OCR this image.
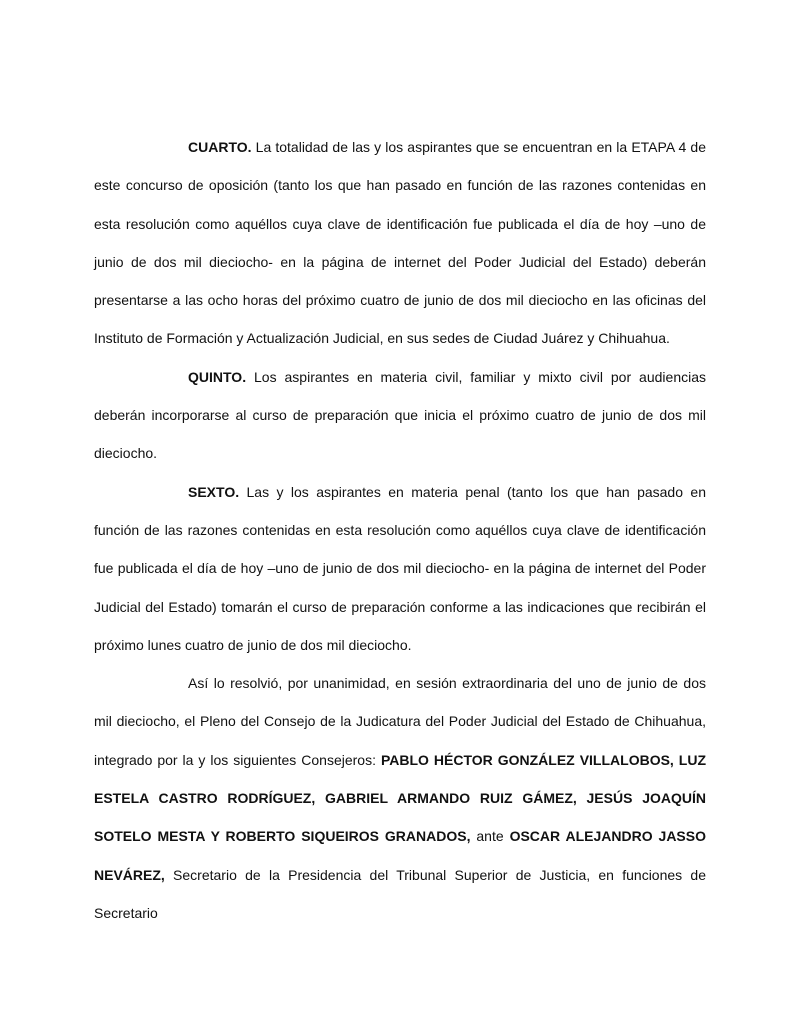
CUARTO. La totalidad de las y los aspirantes que se encuentran en la ETAPA 4 de este concurso de oposición (tanto los que han pasado en función de las razones contenidas en esta resolución como aquéllos cuya clave de identificación fue publicada el día de hoy –uno de junio de dos mil dieciocho- en la página de internet del Poder Judicial del Estado) deberán presentarse a las ocho horas del próximo cuatro de junio de dos mil dieciocho en las oficinas del Instituto de Formación y Actualización Judicial, en sus sedes de Ciudad Juárez y Chihuahua.

QUINTO. Los aspirantes en materia civil, familiar y mixto civil por audiencias deberán incorporarse al curso de preparación que inicia el próximo cuatro de junio de dos mil dieciocho.

SEXTO. Las y los aspirantes en materia penal (tanto los que han pasado en función de las razones contenidas en esta resolución como aquéllos cuya clave de identificación fue publicada el día de hoy –uno de junio de dos mil dieciocho- en la página de internet del Poder Judicial del Estado) tomarán el curso de preparación conforme a las indicaciones que recibirán el próximo lunes cuatro de junio de dos mil dieciocho.

Así lo resolvió, por unanimidad, en sesión extraordinaria del uno de junio de dos mil dieciocho, el Pleno del Consejo de la Judicatura del Poder Judicial del Estado de Chihuahua, integrado por la y los siguientes Consejeros: PABLO HÉCTOR GONZÁLEZ VILLALOBOS, LUZ ESTELA CASTRO RODRÍGUEZ, GABRIEL ARMANDO RUIZ GÁMEZ, JESÚS JOAQUÍN SOTELO MESTA Y ROBERTO SIQUEIROS GRANADOS, ante OSCAR ALEJANDRO JASSO NEVÁREZ, Secretario de la Presidencia del Tribunal Superior de Justicia, en funciones de Secretario
